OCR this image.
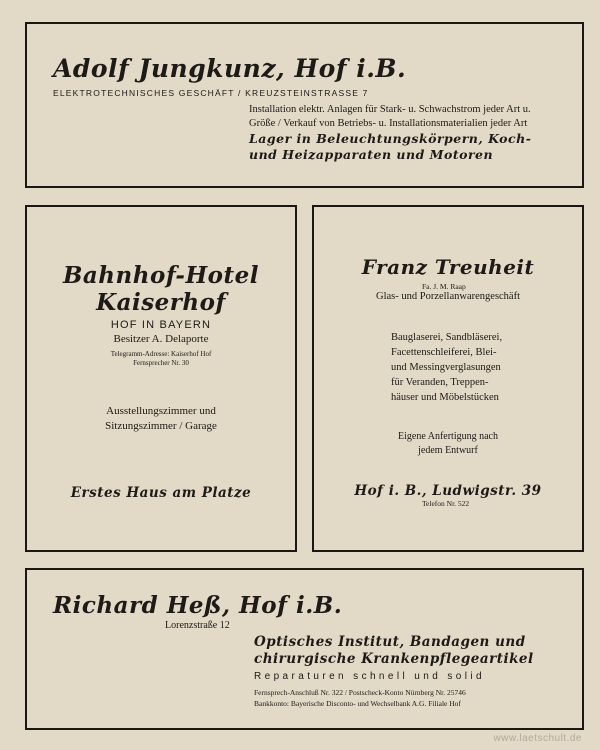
Adolf Jungkunz, Hof i.B.
ELEKTROTECHNISCHES GESCHÄFT / KREUZSTEINSTRASSE 7
Installation elektr. Anlagen für Stark- u. Schwachstrom jeder Art u.
Größe / Verkauf von Betriebs- u. Installationsmaterialien jeder Art
Lager in Beleuchtungskörpern, Koch-
und Heizapparaten und Motoren
Bahnhof-Hotel
Kaiserhof
HOF IN BAYERN
Besitzer A. Delaporte
Telegramm-Adresse: Kaiserhof Hof
Fernsprecher Nr. 30
Ausstellungszimmer und
Sitzungszimmer / Garage
Erstes Haus am Platze
Franz Treuheit
Fa. J. M. Raap
Glas- und Porzellanwarengeschäft
Bauglaserei, Sandbläserei,
Facettenschleiferei, Blei-
und Messingverglasungen
für Veranden, Treppen-
häuser und Möbelstücken
Eigene Anfertigung nach
jedem Entwurf
Hof i. B., Ludwigstr. 39
Telefon Nr. 522
Richard Heß, Hof i.B.
Lorenzstraße 12
Optisches Institut, Bandagen und
chirurgische Krankenpflegeartikel
Reparaturen schnell und solid
Fernsprech-Anschluß Nr. 322 / Postscheck-Konto Nürnberg Nr. 25746
Bankkonto: Bayerische Disconto- und Wechselbank A.G. Filiale Hof
www.laetschult.de
